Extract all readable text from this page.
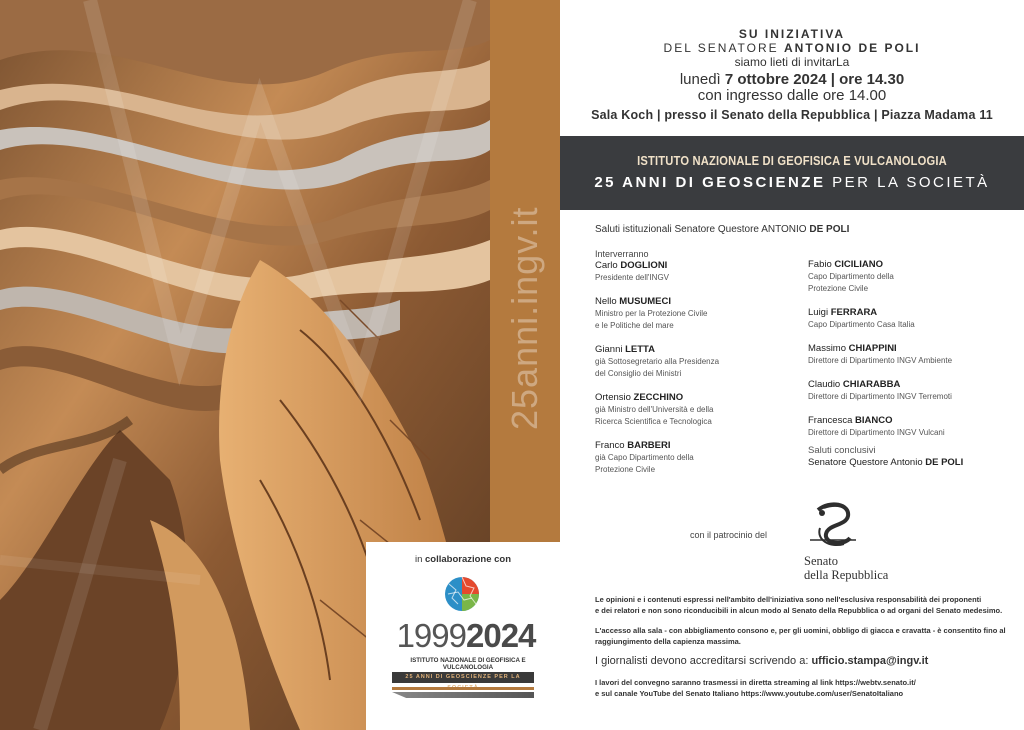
25anni.ingv.it
in collaborazione con
19992024
ISTITUTO NAZIONALE DI GEOFISICA E VULCANOLOGIA
25 ANNI DI GEOSCIENZE PER LA
SU INIZIATIVA
DEL SENATORE ANTONIO DE POLI
siamo lieti di invitarLa
lunedì 7 ottobre 2024 | ore 14.30
con ingresso dalle ore 14.00
Sala Koch | presso il Senato della Repubblica | Piazza Madama 11
ISTITUTO NAZIONALE DI GEOFISICA E VULCANOLOGIA
25 ANNI DI GEOSCIENZE PER LA SOCIETÀ
Saluti istituzionali Senatore Questore ANTONIO DE POLI
Interverranno
Carlo DOGLIONI
Presidente dell'INGV
Nello MUSUMECI
Ministro per la Protezione Civile
e le Politiche del mare
Gianni LETTA
già Sottosegretario alla Presidenza
del Consiglio dei Ministri
Ortensio ZECCHINO
già Ministro dell'Università e della
Ricerca Scientifica e Tecnologica
Franco BARBERI
già Capo Dipartimento della
Protezione Civile
Fabio CICILIANO
Capo Dipartimento della
Protezione Civile
Luigi FERRARA
Capo Dipartimento Casa Italia
Massimo CHIAPPINI
Direttore di Dipartimento INGV Ambiente
Claudio CHIARABBA
Direttore di Dipartimento INGV Terremoti
Francesca BIANCO
Direttore di Dipartimento INGV Vulcani
Saluti conclusivi
Senatore Questore Antonio DE POLI
con il patrocinio del
Senato
della Repubblica
Le opinioni e i contenuti espressi nell'ambito dell'iniziativa sono nell'esclusiva responsabilità dei proponenti
e dei relatori e non sono riconducibili in alcun modo al Senato della Repubblica o ad organi del Senato medesimo.
L'accesso alla sala - con abbigliamento consono e, per gli uomini, obbligo di giacca e cravatta - è consentito fino al
raggiungimento della capienza massima.
I giornalisti devono accreditarsi scrivendo a: ufficio.stampa@ingv.it
I lavori del convegno saranno trasmessi in diretta streaming al link https://webtv.senato.it/
e sul canale YouTube del Senato Italiano https://www.youtube.com/user/SenatoItaliano
